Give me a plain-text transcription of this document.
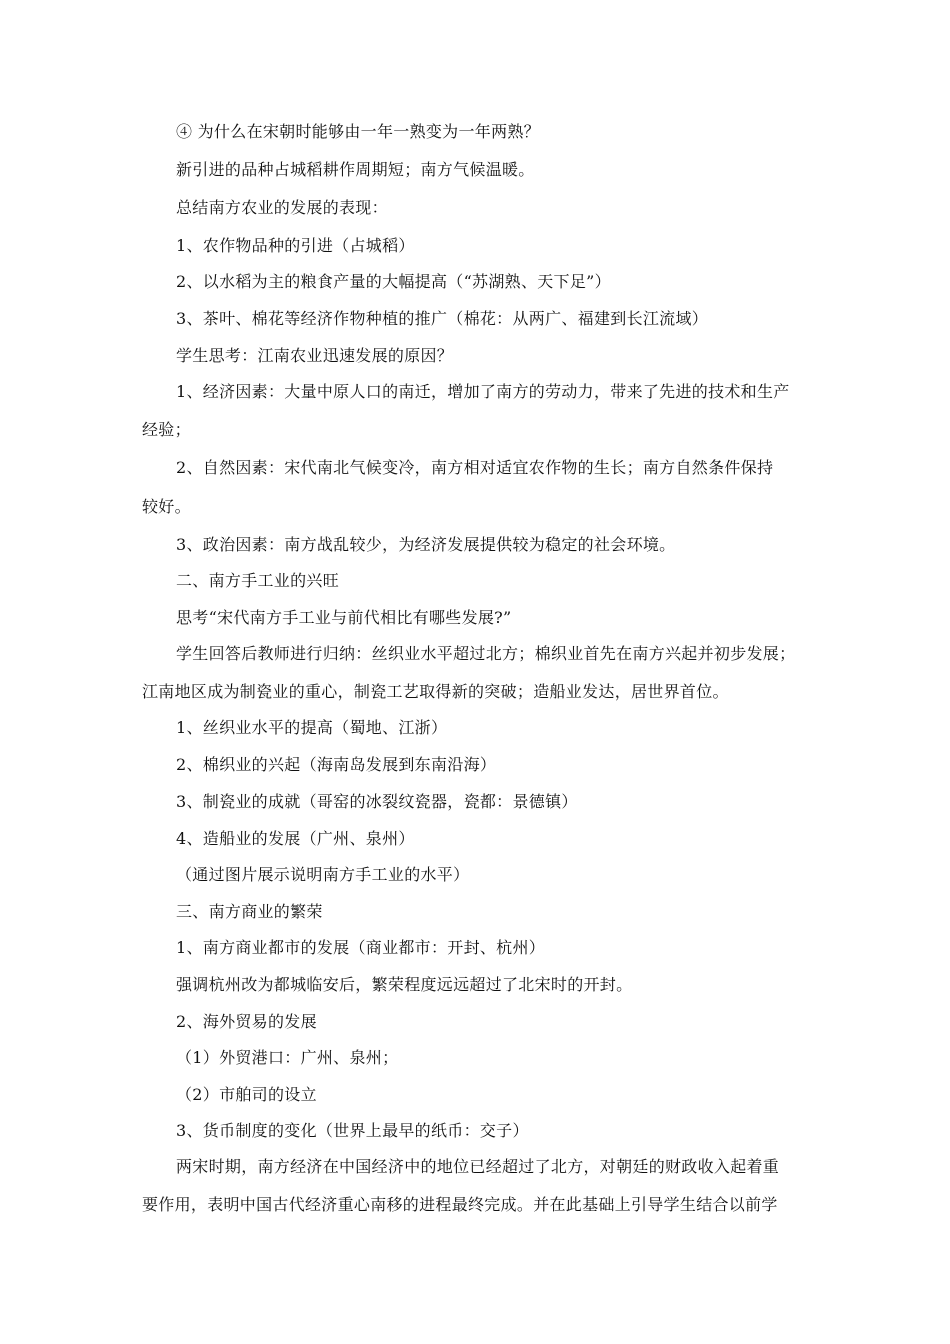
④ 为什么在宋朝时能够由一年一熟变为一年两熟？
新引进的品种占城稻耕作周期短；南方气候温暖。
总结南方农业的发展的表现：
1、农作物品种的引进（占城稻）
2、以水稻为主的粮食产量的大幅提高（“苏湖熟、天下足”）
3、茶叶、棉花等经济作物种植的推广（棉花：从两广、福建到长江流域）
学生思考：江南农业迅速发展的原因？
1、经济因素：大量中原人口的南迁，增加了南方的劳动力，带来了先进的技术和生产
经验；
2、自然因素：宋代南北气候变冷，南方相对适宜农作物的生长；南方自然条件保持
较好。
3、政治因素：南方战乱较少，为经济发展提供较为稳定的社会环境。
二、南方手工业的兴旺
思考“宋代南方手工业与前代相比有哪些发展?”
学生回答后教师进行归纳：丝织业水平超过北方；棉织业首先在南方兴起并初步发展；
江南地区成为制瓷业的重心，制瓷工艺取得新的突破；造船业发达，居世界首位。
1、丝织业水平的提高（蜀地、江浙）
2、棉织业的兴起（海南岛发展到东南沿海）
3、制瓷业的成就（哥窑的冰裂纹瓷器，瓷都：景德镇）
4、造船业的发展（广州、泉州）
（通过图片展示说明南方手工业的水平）
三、南方商业的繁荣
1、南方商业都市的发展（商业都市：开封、杭州）
强调杭州改为都城临安后，繁荣程度远远超过了北宋时的开封。
2、海外贸易的发展
（1）外贸港口：广州、泉州；
（2）市舶司的设立
3、货币制度的变化（世界上最早的纸币：交子）
两宋时期，南方经济在中国经济中的地位已经超过了北方，对朝廷的财政收入起着重
要作用，表明中国古代经济重心南移的进程最终完成。并在此基础上引导学生结合以前学
